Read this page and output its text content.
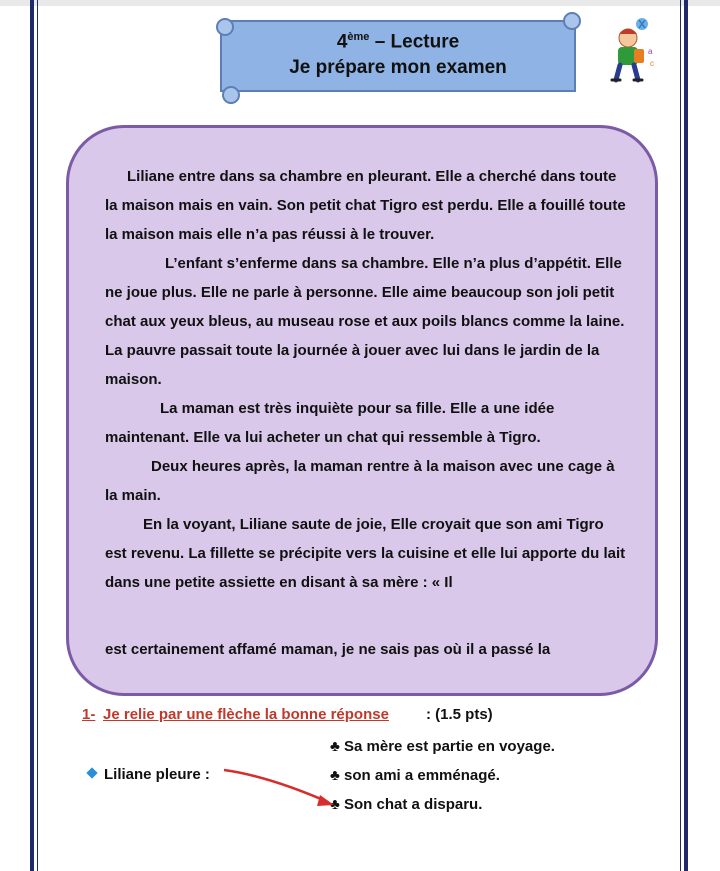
4ème – Lecture
Je prépare mon examen
a
c

Liliane entre dans sa chambre en pleurant. Elle a cherché dans toute la maison mais en vain. Son petit chat Tigro est perdu. Elle a fouillé toute la maison mais elle n’a pas réussi à le trouver.

L’enfant s’enferme dans sa chambre. Elle n’a plus d’appétit. Elle ne joue plus. Elle ne parle à personne. Elle aime beaucoup son joli petit chat aux yeux bleus, au museau rose et aux poils blancs comme la laine.

La pauvre passait toute la journée à jouer avec lui dans le jardin de la maison.

La maman est très inquiète pour sa fille. Elle a une idée maintenant. Elle va lui acheter un chat qui ressemble à Tigro.

Deux heures après, la maman rentre à la maison avec une cage à la main.

En la voyant, Liliane saute de joie, Elle croyait que son ami Tigro est revenu. La fillette se précipite vers la cuisine et elle lui apporte du lait dans une petite assiette en disant à sa mère : « Il

est certainement affamé maman, je ne sais pas où il a passé la
1- Je relie par une flèche la bonne réponse : (1.5 pts)
♣ Sa mère est partie en voyage.
♣ son ami a emménagé.
♣ Son chat a disparu.
Liliane pleure :
